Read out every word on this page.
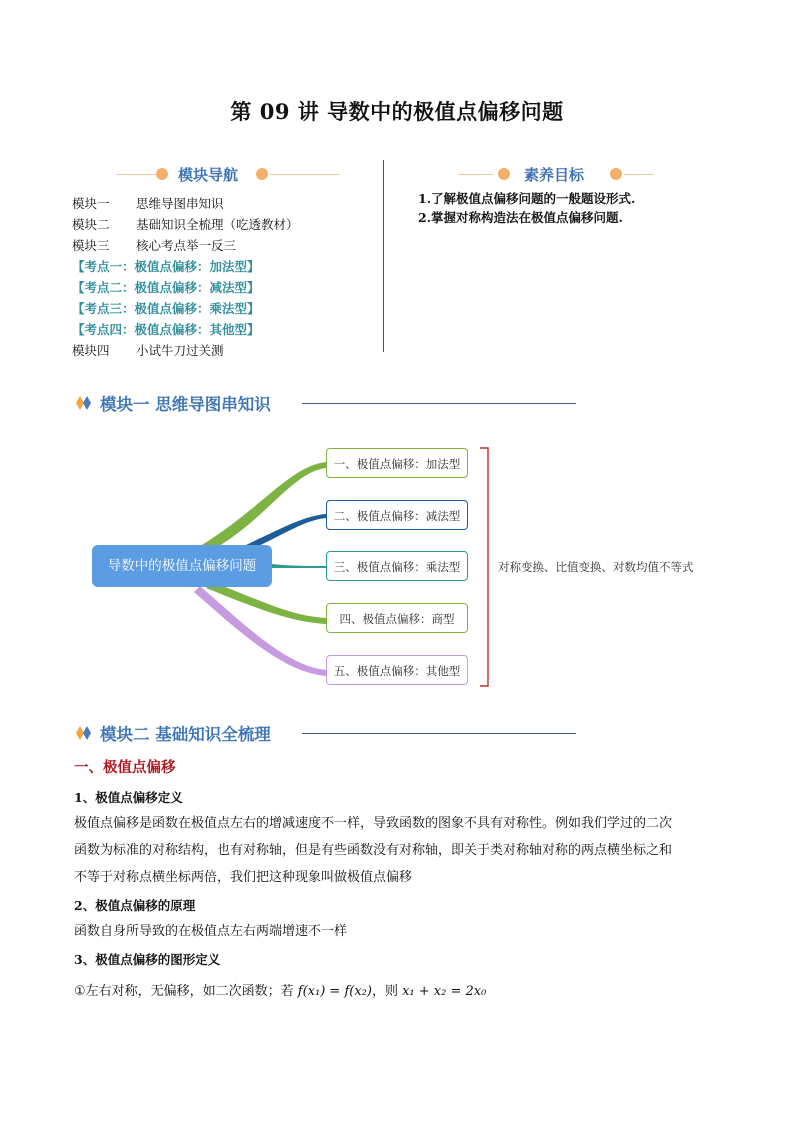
第 09 讲 导数中的极值点偏移问题
模块导航	素养目标
模块一 思维导图串知识
模块二 基础知识全梳理（吃透教材）
模块三 核心考点举一反三
【考点一：极值点偏移：加法型】
【考点二：极值点偏移：减法型】
【考点三：极值点偏移：乘法型】
【考点四：极值点偏移：其他型】
模块四 小试牛刀过关测
1.了解极值点偏移问题的一般题设形式.
2.掌握对称构造法在极值点偏移问题.
模块一 思维导图串知识
导数中的极值点偏移问题
一、极值点偏移：加法型
二、极值点偏移：减法型
三、极值点偏移：乘法型
四、极值点偏移：商型
五、极值点偏移：其他型
对称变换、比值变换、对数均值不等式
模块二 基础知识全梳理
一、极值点偏移
1、极值点偏移定义
极值点偏移是函数在极值点左右的增减速度不一样，导致函数的图象不具有对称性。例如我们学过的二次
函数为标准的对称结构，也有对称轴，但是有些函数没有对称轴，即关于类对称轴对称的两点横坐标之和
不等于对称点横坐标两倍，我们把这种现象叫做极值点偏移
2、极值点偏移的原理
函数自身所导致的在极值点左右两端增速不一样
3、极值点偏移的图形定义
①左右对称，无偏移，如二次函数；若 f(x₁) = f(x₂)，则 x₁ + x₂ = 2x₀
